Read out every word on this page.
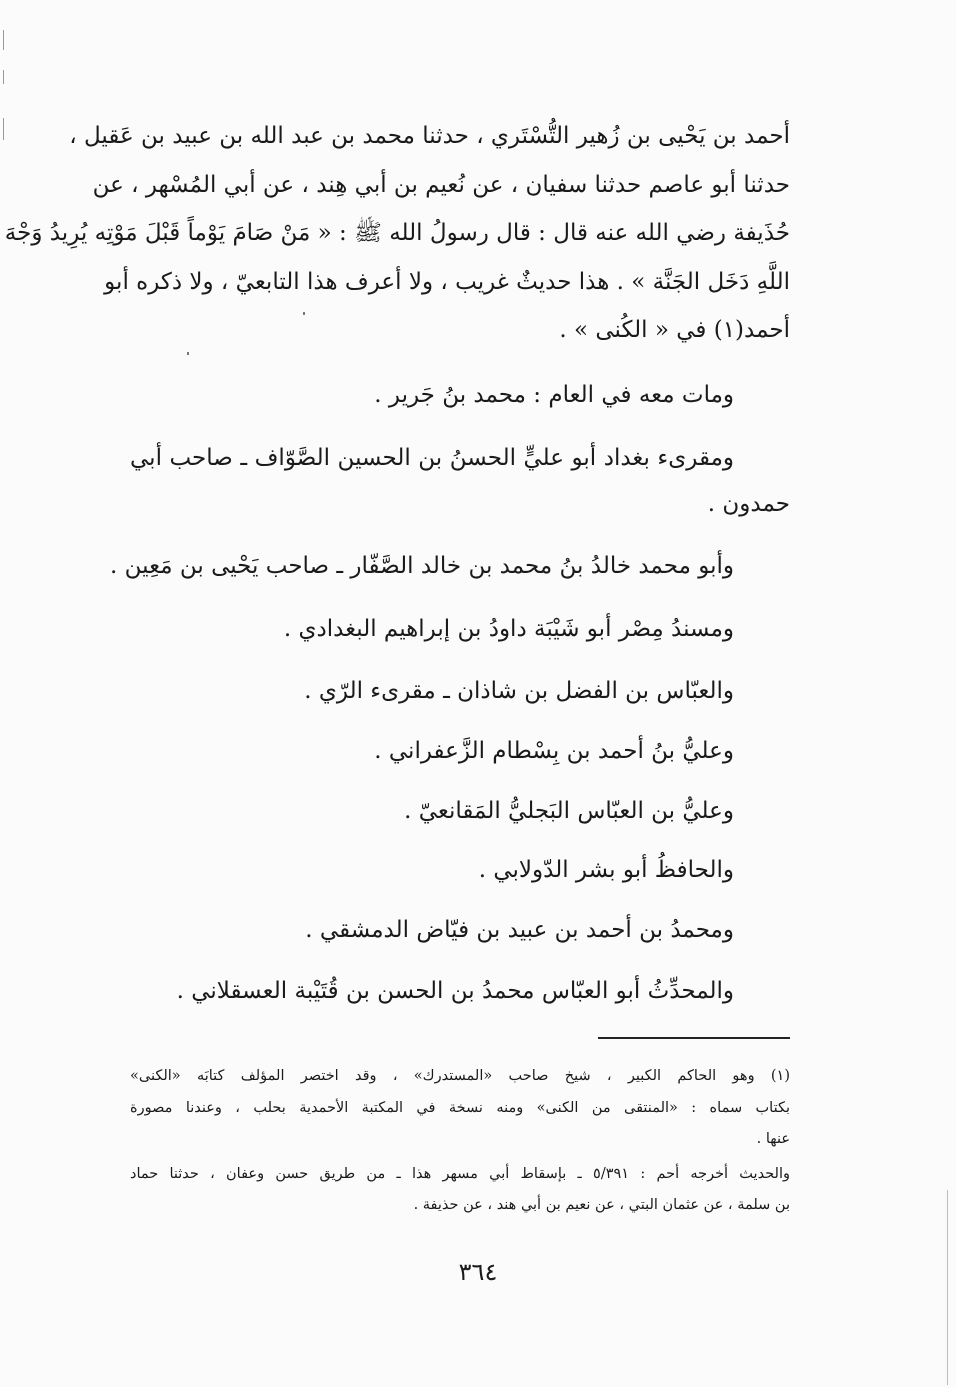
أحمد بن يَحْيى بن زُهير التُّسْتَري ، حدثنا محمد بن عبد الله بن عبيد بن عَقيل ،
حدثنا أبو عاصم حدثنا سفيان ، عن نُعيم بن أبي هِند ، عن أبي المُسْهر ، عن
حُذَيفة رضي الله عنه قال : قال رسولُ الله ﷺ : « مَنْ صَامَ يَوْماً قَبْلَ مَوْتِه يُرِيدُ وَجْهَ
اللَّهِ دَخَل الجَنَّة » . هذا حديثٌ غريب ، ولا أعرف هذا التابعيّ ، ولا ذكره أبو
أحمد(١) في « الكُنى » .
ومات معه في العام : محمد بنُ جَرير .
ومقرىء بغداد أبو عليٍّ الحسنُ بن الحسين الصَّوّاف ـ صاحب أبي
حمدون .
وأبو محمد خالدُ بنُ محمد بن خالد الصَّفّار ـ صاحب يَحْيى بن مَعِين .
ومسندُ مِصْر أبو شَيْبَة داودُ بن إبراهيم البغدادي .
والعبّاس بن الفضل بن شاذان ـ مقرىء الرّي .
وعليُّ بنُ أحمد بن بِسْطام الزَّعفراني .
وعليُّ بن العبّاس البَجليُّ المَقانعيّ .
والحافظُ أبو بشر الدّولابي .
ومحمدُ بن أحمد بن عبيد بن فيّاض الدمشقي .
والمحدِّثُ أبو العبّاس محمدُ بن الحسن بن قُتَيْبة العسقلاني .
(١) وهو الحاكم الكبير ، شيخ صاحب «المستدرك» ، وقد اختصر المؤلف كتابَه «الكنى»
بكتاب سماه : «المنتقى من الكنى» ومنه نسخة في المكتبة الأحمدية بحلب ، وعندنا مصورة
عنها .
والحديث أخرجه أحم : ٥/٣٩١ ـ بإسقاط أبي مسهر هذا ـ من طريق حسن وعفان ، حدثنا حماد
بن سلمة ، عن عثمان البتي ، عن نعيم بن أبي هند ، عن حذيفة .
٣٦٤
